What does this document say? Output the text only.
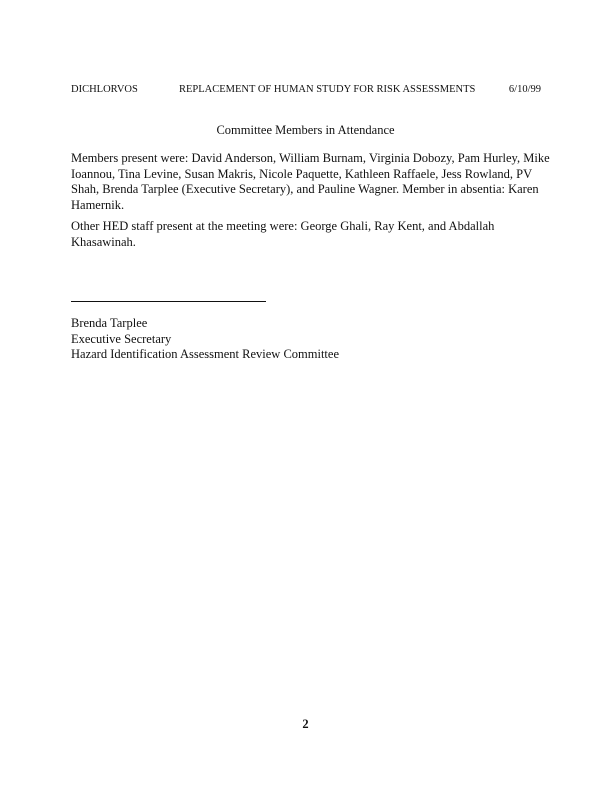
DICHLORVOS	REPLACEMENT OF HUMAN STUDY FOR RISK ASSESSMENTS	6/10/99
Committee Members in Attendance

Members present were: David Anderson, William Burnam, Virginia Dobozy, Pam Hurley, Mike Ioannou, Tina Levine, Susan Makris, Nicole Paquette, Kathleen Raffaele, Jess Rowland, PV Shah, Brenda Tarplee (Executive Secretary), and Pauline Wagner. Member in absentia: Karen Hamernik.

Other HED staff present at the meeting were: George Ghali, Ray Kent, and Abdallah Khasawinah.

Brenda Tarplee
Executive Secretary
Hazard Identification Assessment Review Committee
2
